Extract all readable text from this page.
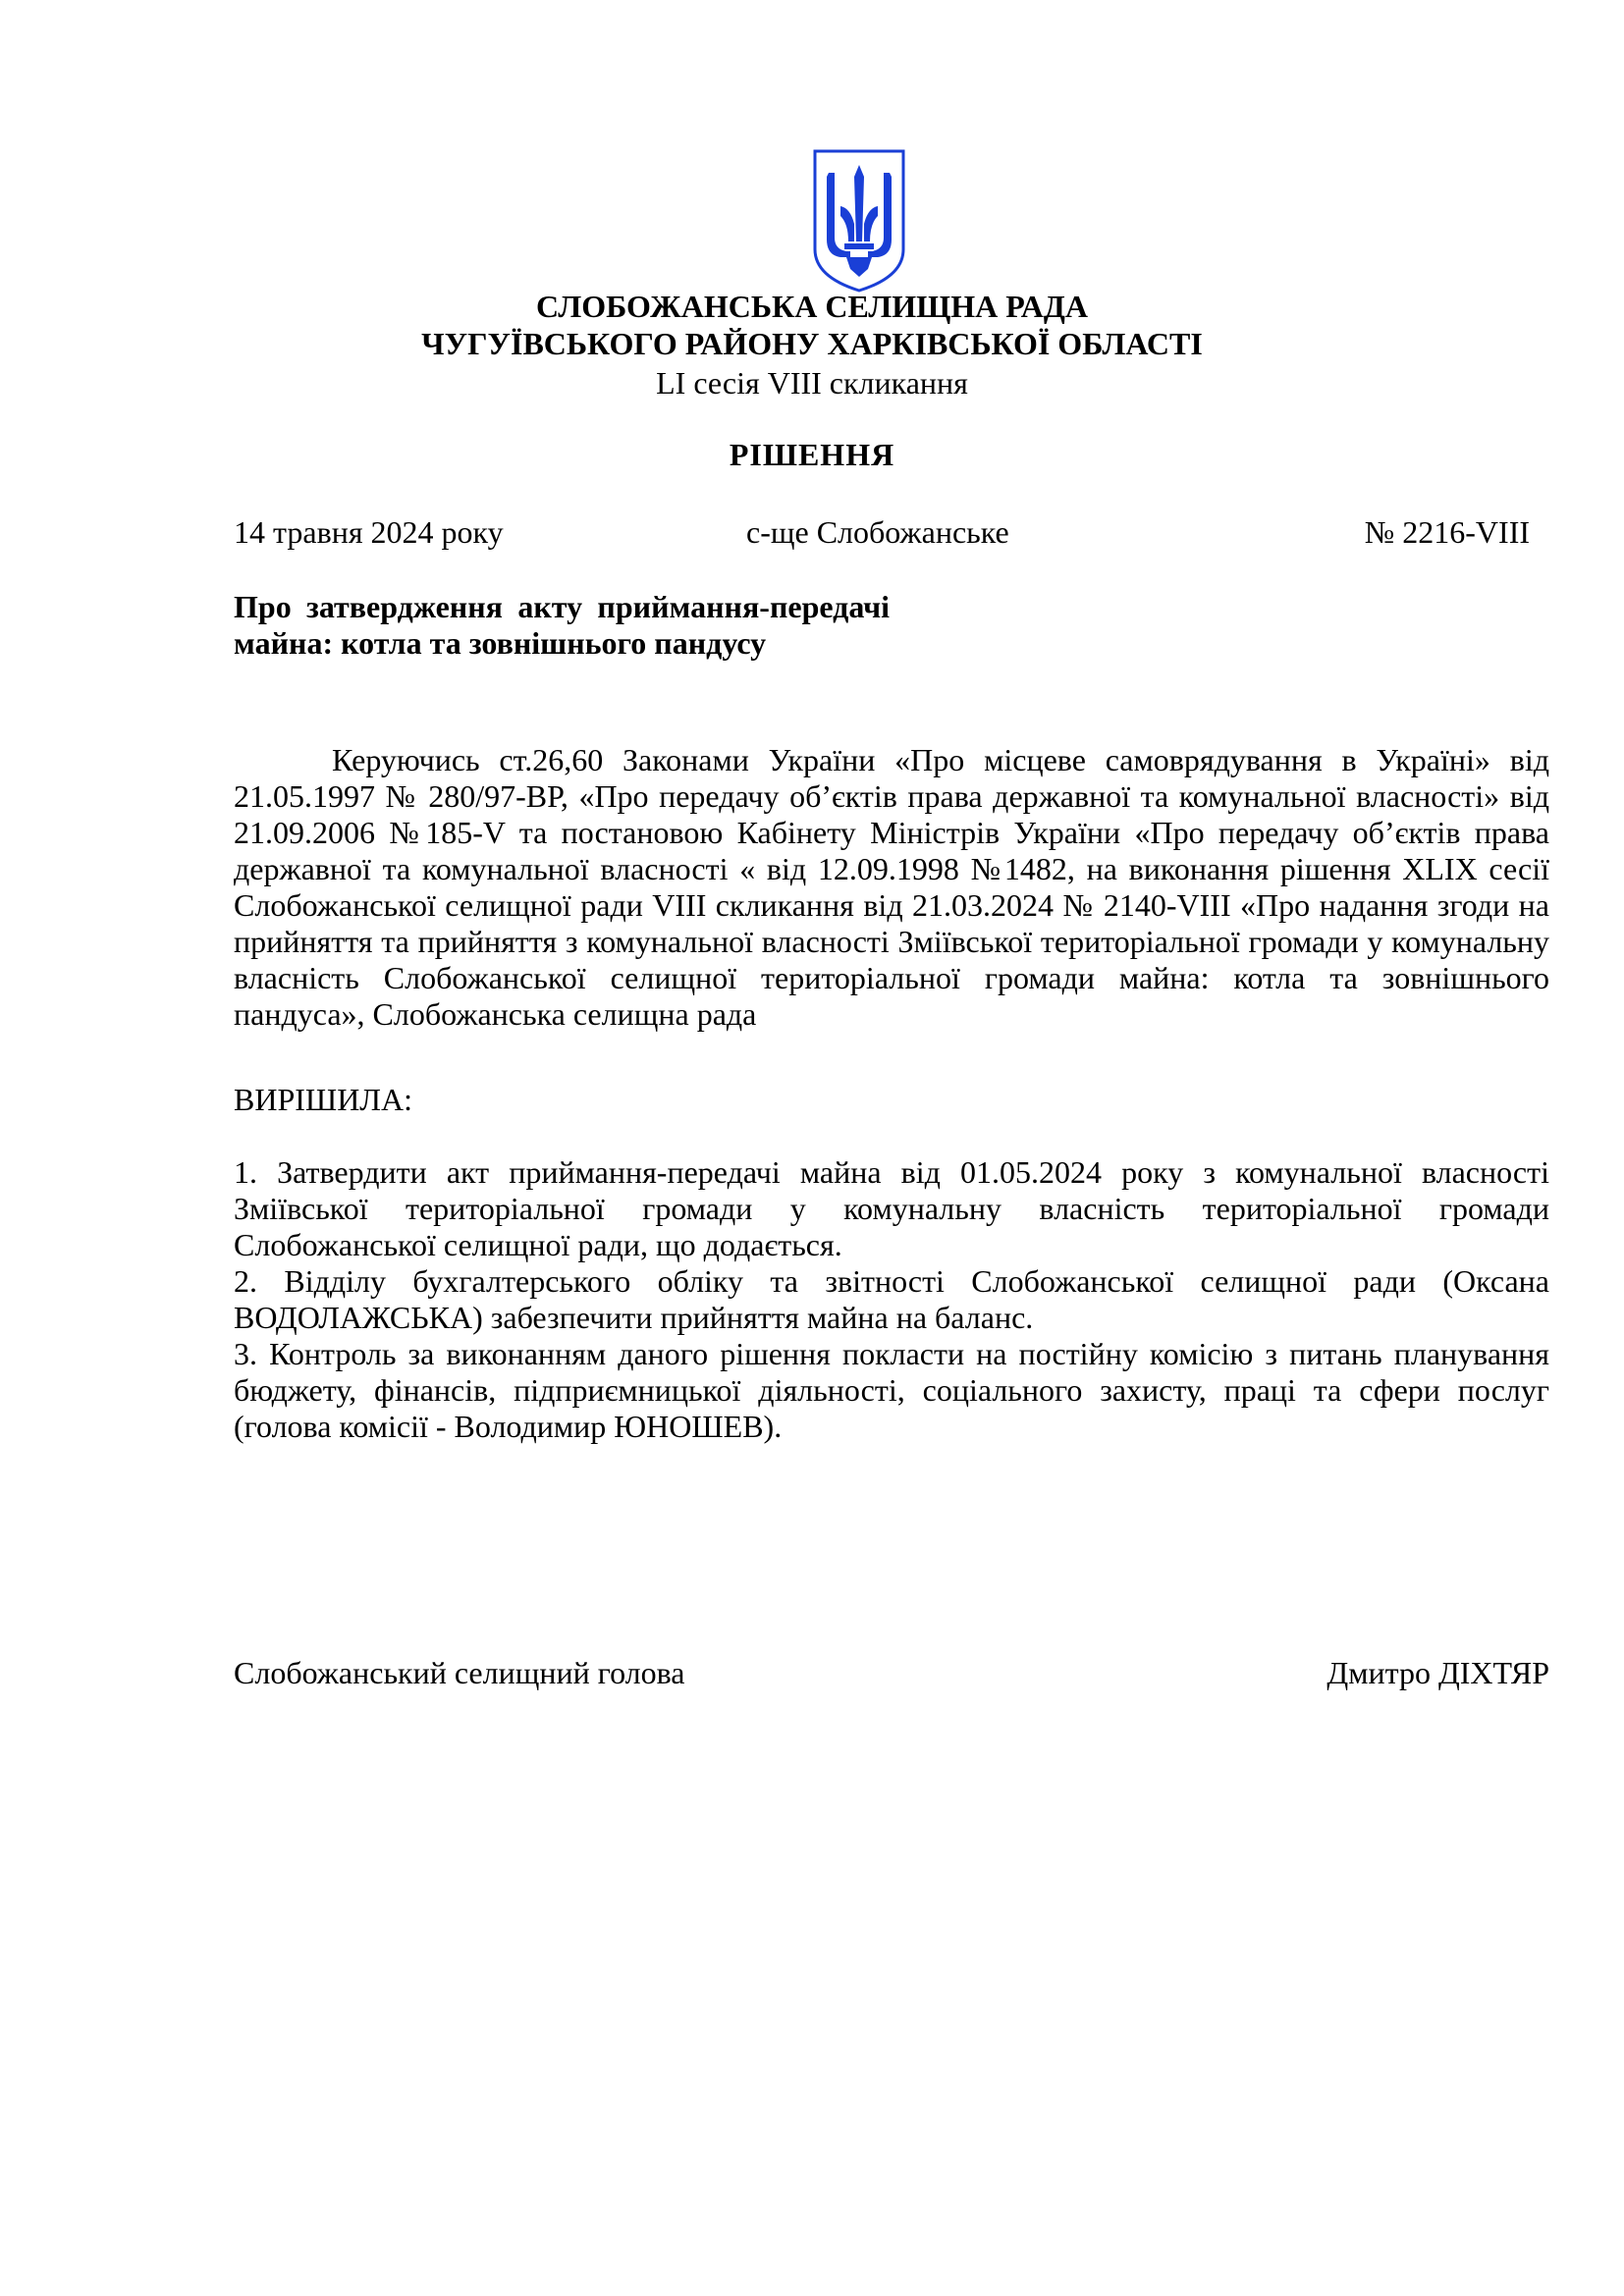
СЛОБОЖАНСЬКА СЕЛИЩНА РАДА
ЧУГУЇВСЬКОГО РАЙОНУ ХАРКІВСЬКОЇ ОБЛАСТІ
LI сесія VIII скликання
РІШЕННЯ
14 травня 2024 року	с-ще Слобожанське	№ 2216-VIII
Про затвердження акту приймання-передачі майна: котла та зовнішнього пандусу

Керуючись ст.26,60 Законами України «Про місцеве самоврядування в Україні» від 21.05.1997 № 280/97-ВР, «Про передачу об’єктів права державної та комунальної власності» від 21.09.2006 №185-V та постановою Кабінету Міністрів України «Про передачу об’єктів права державної та комунальної власності « від 12.09.1998 №1482, на виконання рішення XLIX сесії Слобожанської селищної ради VIII скликання від 21.03.2024 № 2140-VIII «Про надання згоди на прийняття та прийняття з комунальної власності Зміївської територіальної громади у комунальну власність Слобожанської селищної територіальної громади майна: котла та зовнішнього пандуса», Слобожанська селищна рада

ВИРІШИЛА:

1. Затвердити акт приймання-передачі майна від 01.05.2024 року з комунальної власності Зміївської територіальної громади у комунальну власність територіальної громади Слобожанської селищної ради, що додається.

2. Відділу бухгалтерського обліку та звітності Слобожанської селищної ради (Оксана ВОДОЛАЖСЬКА) забезпечити прийняття майна на баланс.

3. Контроль за виконанням даного рішення покласти на постійну комісію з питань планування бюджету, фінансів, підприємницької діяльності, соціального захисту, праці та сфери послуг (голова комісії - Володимир ЮНОШЕВ).

Слобожанський селищний голова	Дмитро ДІХТЯР
